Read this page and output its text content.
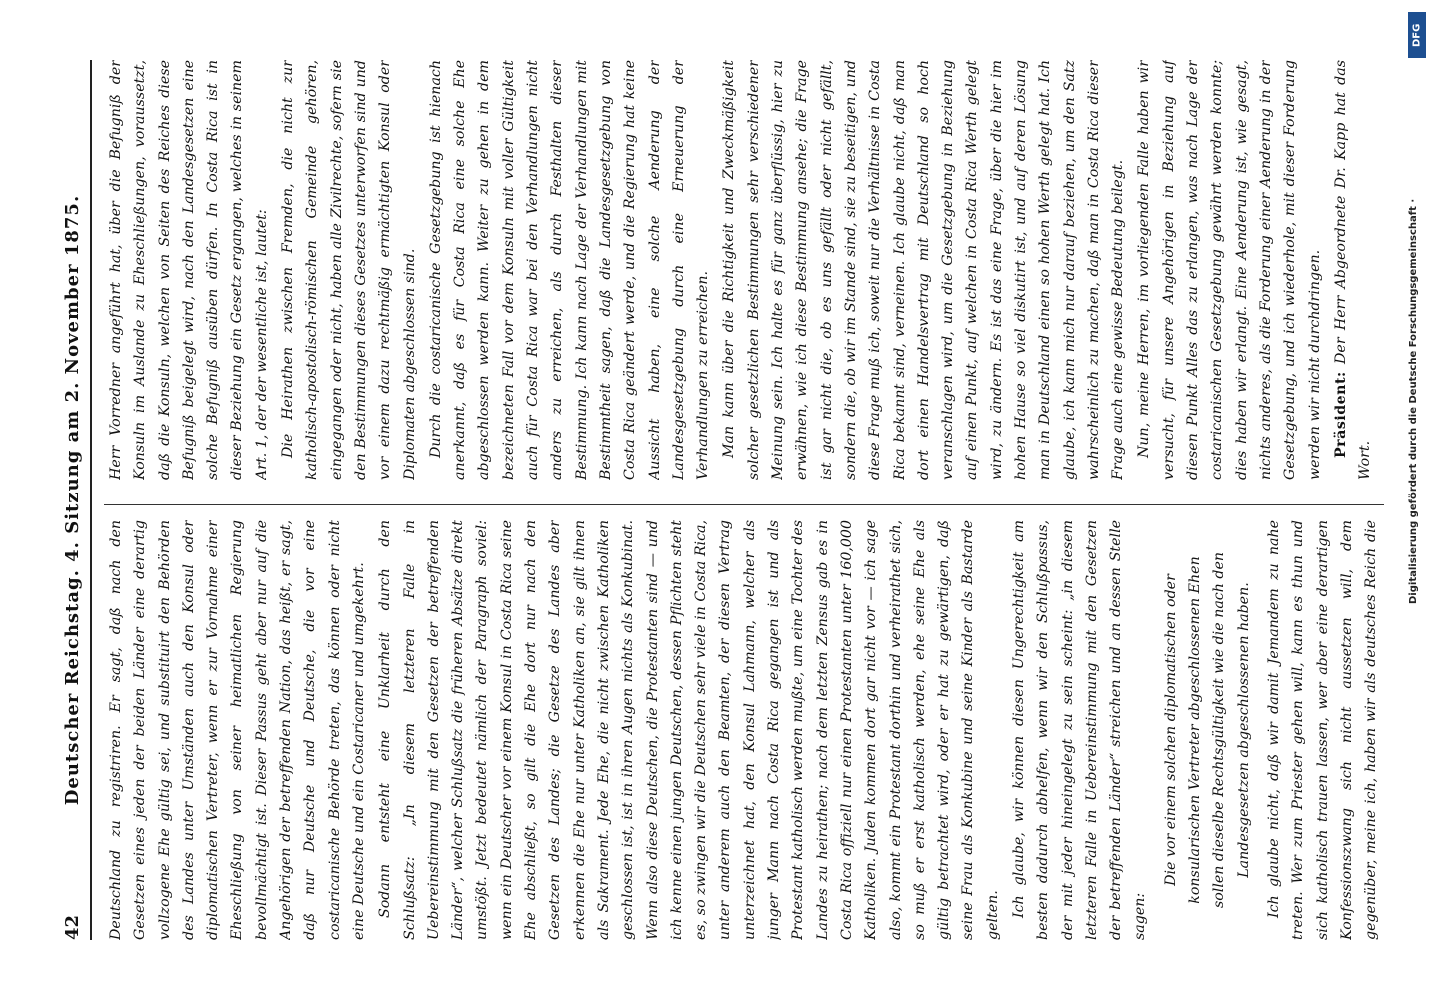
42
Deutscher Reichstag. 4. Sitzung am 2. November 1875. Deutschland zu registriren. Er sagt, daß nach den Gesetzen eines jeden der beiden Länder eine derartig vollzogene Ehe gültig sei, und substituirt den Behörden des Landes unter Umständen auch den Konsul oder diplomatischen Vertreter, wenn er zur Vornahme einer Eheschließung von seiner heimatlichen Regierung bevollmächtigt ist. Dieser Passus geht aber nur auf die Angehörigen der betreffenden Nation, das heißt, er sagt, daß nur Deutsche und Deutsche, die vor eine costaricanische Behörde treten, das können oder nicht eine Deutsche und ein Costaricaner und umgekehrt. Sodann entsteht eine Unklarheit durch den Schlußsatz: „In diesem letzteren Falle in Uebereinstimmung mit den Gesetzen der betreffenden Länder“, welcher Schlußsatz die früheren Absätze direkt umstößt. Jetzt bedeutet nämlich der Paragraph soviel: wenn ein Deutscher vor einem Konsul in Costa Rica seine Ehe abschließt, so gilt die Ehe dort nur nach den Gesetzen des Landes; die Gesetze des Landes aber erkennen die Ehe nur unter Katholiken an, sie gilt ihnen als Sakrament. Jede Ehe, die nicht zwischen Katholiken geschlossen ist, ist in ihren Augen nichts als Konkubinat. Wenn also diese Deutschen, die Protestanten sind — und ich kenne einen jungen Deutschen, dessen Pflichten steht es, so zwingen wir die Deutschen sehr viele in Costa Rica, unter anderem auch den Beamten, der diesen Vertrag unterzeichnet hat, den Konsul Lahmann, welcher als junger Mann nach Costa Rica gegangen ist und als Protestant katholisch werden mußte, um eine Tochter des Landes zu heirathen; nach dem letzten Zensus gab es in Costa Rica offiziell nur einen Protestanten unter 160,000 Katholiken. Juden kommen dort gar nicht vor — ich sage also, kommt ein Protestant dorthin und verheirathet sich, so muß er erst katholisch werden, ehe seine Ehe als gültig betrachtet wird, oder er hat zu gewärtigen, daß seine Frau als Konkubine und seine Kinder als Bastarde gelten. Ich glaube, wir können diesen Ungerechtigkeit am besten dadurch abhelfen, wenn wir den Schlußpassus, der mit jeder hineingelegt zu sein scheint: „in diesem letzteren Falle in Uebereinstimmung mit den Gesetzen der betreffenden Länder“ streichen und an dessen Stelle sagen:

Die vor einem solchen diplomatischen oder konsularischen Vertreter abgeschlossenen Ehen sollen dieselbe Rechtsgültigkeit wie die nach den Landesgesetzen abgeschlossenen haben.

Ich glaube nicht, daß wir damit Jemandem zu nahe treten. Wer zum Priester gehen will, kann es thun und sich katholisch trauen lassen, wer aber eine derartigen Konfessionszwang sich nicht aussetzen will, dem gegenüber, meine ich, haben wir als deutsches Reich die

Herr Vorredner angeführt hat, über die Befugniß der Konsuln im Auslande zu Eheschließungen, voraussetzt, daß die Konsuln, welchen von Seiten des Reiches diese Befugniß beigelegt wird, nach den Landesgesetzen eine solche Befugniß ausüben dürfen. In Costa Rica ist in dieser Beziehung ein Gesetz ergangen, welches in seinem Art. 1, der der wesentliche ist, lautet: Die Heirathen zwischen Fremden, die nicht zur katholisch-apostolisch-römischen Gemeinde gehören, eingegangen oder nicht, haben alle Zivilrechte, sofern sie den Bestimmungen dieses Gesetzes unterworfen sind und vor einem dazu rechtmäßig ermächtigten Konsul oder Diplomaten abgeschlossen sind. Durch die costaricanische Gesetzgebung ist hienach anerkannt, daß es für Costa Rica eine solche Ehe abgeschlossen werden kann. Weiter zu gehen in dem bezeichneten Fall vor dem Konsuln mit voller Gültigkeit auch für Costa Rica war bei den Verhandlungen nicht anders zu erreichen, als durch Festhalten dieser Bestimmung. Ich kann nach Lage der Verhandlungen mit Bestimmtheit sagen, daß die Landesgesetzgebung von Costa Rica geändert werde, und die Regierung hat keine Aussicht haben, eine solche Aenderung der Landesgesetzgebung durch eine Erneuerung der Verhandlungen zu erreichen. Man kann über die Richtigkeit und Zweckmäßigkeit solcher gesetzlichen Bestimmungen sehr verschiedener Meinung sein. Ich halte es für ganz überflüssig, hier zu erwähnen, wie ich diese Bestimmung ansehe; die Frage ist gar nicht die, ob es uns gefällt oder nicht gefällt, sondern die, ob wir im Stande sind, sie zu beseitigen, und diese Frage muß ich, soweit nur die Verhältnisse in Costa Rica bekannt sind, verneinen. Ich glaube nicht, daß man dort einen Handelsvertrag mit Deutschland so hoch veranschlagen wird, um die Gesetzgebung in Beziehung auf einen Punkt, auf welchen in Costa Rica Werth gelegt wird, zu ändern. Es ist das eine Frage, über die hier im hohen Hause so viel diskutirt ist, und auf deren Lösung man in Deutschland einen so hohen Werth gelegt hat. Ich glaube, ich kann mich nur darauf beziehen, um den Satz wahrscheinlich zu machen, daß man in Costa Rica dieser Frage auch eine gewisse Bedeutung beilegt. Nun, meine Herren, im vorliegenden Falle haben wir versucht, für unsere Angehörigen in Beziehung auf diesen Punkt Alles das zu erlangen, was nach Lage der costaricanischen Gesetzgebung gewährt werden konnte; dies haben wir erlangt. Eine Aenderung ist, wie gesagt, nichts anderes, als die Forderung einer Aenderung in der Gesetzgebung, und ich wiederhole, mit dieser Forderung werden wir nicht durchdringen. Präsident: Der Herr Abgeordnete Dr. Kapp hat das Wort.

DFG
Digitalisierung gefördert durch die Deutsche Forschungsgemeinschaft ·
